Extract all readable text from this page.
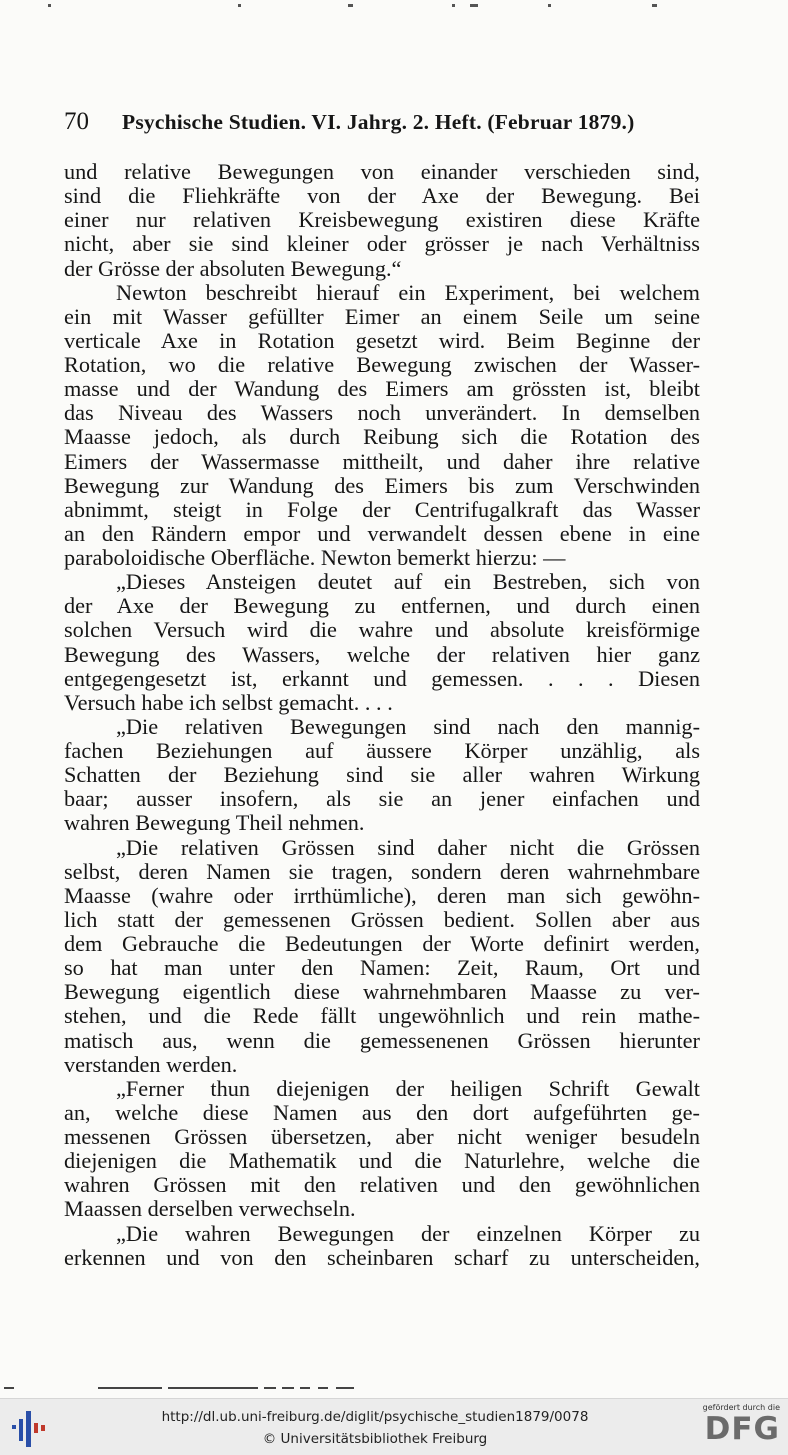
70	Psychische Studien. VI. Jahrg. 2. Heft. (Februar 1879.)
und relative Bewegungen von einander verschieden sind,
sind die Fliehkräfte von der Axe der Bewegung. Bei
einer nur relativen Kreisbewegung existiren diese Kräfte
nicht, aber sie sind kleiner oder grösser je nach Verhältniss
der Grösse der absoluten Bewegung.“
Newton beschreibt hierauf ein Experiment, bei welchem
ein mit Wasser gefüllter Eimer an einem Seile um seine
verticale Axe in Rotation gesetzt wird. Beim Beginne der
Rotation, wo die relative Bewegung zwischen der Wasser-
masse und der Wandung des Eimers am grössten ist, bleibt
das Niveau des Wassers noch unverändert. In demselben
Maasse jedoch, als durch Reibung sich die Rotation des
Eimers der Wassermasse mittheilt, und daher ihre relative
Bewegung zur Wandung des Eimers bis zum Verschwinden
abnimmt, steigt in Folge der Centrifugalkraft das Wasser
an den Rändern empor und verwandelt dessen ebene in eine
paraboloidische Oberfläche. Newton bemerkt hierzu: —
„Dieses Ansteigen deutet auf ein Bestreben, sich von
der Axe der Bewegung zu entfernen, und durch einen
solchen Versuch wird die wahre und absolute kreisförmige
Bewegung des Wassers, welche der relativen hier ganz
entgegengesetzt ist, erkannt und gemessen. . . . Diesen
Versuch habe ich selbst gemacht. . . .
„Die relativen Bewegungen sind nach den mannig-
fachen Beziehungen auf äussere Körper unzählig, als
Schatten der Beziehung sind sie aller wahren Wirkung
baar; ausser insofern, als sie an jener einfachen und
wahren Bewegung Theil nehmen.
„Die relativen Grössen sind daher nicht die Grössen
selbst, deren Namen sie tragen, sondern deren wahrnehmbare
Maasse (wahre oder irrthümliche), deren man sich gewöhn-
lich statt der gemessenen Grössen bedient. Sollen aber aus
dem Gebrauche die Bedeutungen der Worte definirt werden,
so hat man unter den Namen: Zeit, Raum, Ort und
Bewegung eigentlich diese wahrnehmbaren Maasse zu ver-
stehen, und die Rede fällt ungewöhnlich und rein mathe-
matisch aus, wenn die gemessenenen Grössen hierunter
verstanden werden.
„Ferner thun diejenigen der heiligen Schrift Gewalt
an, welche diese Namen aus den dort aufgeführten ge-
messenen Grössen übersetzen, aber nicht weniger besudeln
diejenigen die Mathematik und die Naturlehre, welche die
wahren Grössen mit den relativen und den gewöhnlichen
Maassen derselben verwechseln.
„Die wahren Bewegungen der einzelnen Körper zu
erkennen und von den scheinbaren scharf zu unterscheiden,
http://dl.ub.uni-freiburg.de/diglit/psychische_studien1879/0078
© Universitätsbibliothek Freiburg
gefördert durch die
DFG
